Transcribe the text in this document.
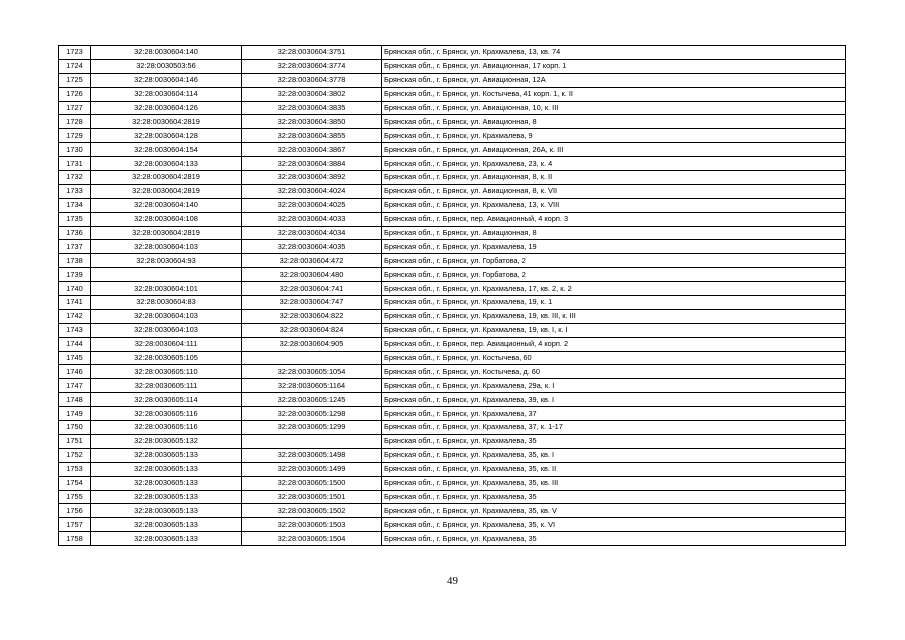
1723	32:28:0030604:140	32:28:0030604:3751	Брянская обл., г. Брянск, ул. Крахмалева, 13, кв. 74
1724	32:28:0030503:56	32:28:0030604:3774	Брянская обл., г. Брянск, ул. Авиационная, 17 корп. 1
1725	32:28:0030604:146	32:28:0030604:3778	Брянская обл., г. Брянск, ул. Авиационная, 12А
1726	32:28:0030604:114	32:28:0030604:3802	Брянская обл., г. Брянск, ул. Костычева, 41 корп. 1, к. II
1727	32:28:0030604:126	32:28:0030604:3835	Брянская обл., г. Брянск, ул. Авиационная, 10, к. III
1728	32:28:0030604:2819	32:28:0030604:3850	Брянская обл., г. Брянск, ул. Авиационная, 8
1729	32:28:0030604:128	32:28:0030604:3855	Брянская обл., г. Брянск, ул. Крахмалева, 9
1730	32:28:0030604:154	32:28:0030604:3867	Брянская обл., г. Брянск, ул. Авиационная, 26А, к. III
1731	32:28:0030604:133	32:28:0030604:3884	Брянская обл., г. Брянск, ул. Крахмалева, 23, к. 4
1732	32:28:0030604:2819	32:28:0030604:3892	Брянская обл., г. Брянск, ул. Авиационная, 8, к. II
1733	32:28:0030604:2819	32:28:0030604:4024	Брянская обл., г. Брянск, ул. Авиационная, 8, к. VII
1734	32:28:0030604:140	32:28:0030604:4025	Брянская обл., г. Брянск, ул. Крахмалева, 13, к. VIII
1735	32:28:0030604:108	32:28:0030604:4033	Брянская обл., г. Брянск, пер. Авиационный, 4 корп. 3
1736	32:28:0030604:2819	32:28:0030604:4034	Брянская обл., г. Брянск, ул. Авиационная, 8
1737	32:28:0030604:103	32:28:0030604:4035	Брянская обл., г. Брянск, ул. Крахмалева, 19
1738	32:28:0030604:93	32:28:0030604:472	Брянская обл., г. Брянск, ул. Горбатова, 2
1739		32:28:0030604:480	Брянская обл., г. Брянск, ул. Горбатова, 2
1740	32:28:0030604:101	32:28:0030604:741	Брянская обл., г. Брянск, ул. Крахмалева, 17, кв. 2, к. 2
1741	32:28:0030604:83	32:28:0030604:747	Брянская обл., г. Брянск, ул. Крахмалева, 19, к. 1
1742	32:28:0030604:103	32:28:0030604:822	Брянская обл., г. Брянск, ул. Крахмалева, 19, кв. III, к. III
1743	32:28:0030604:103	32:28:0030604:824	Брянская обл., г. Брянск, ул. Крахмалева, 19, кв. I, к. I
1744	32:28:0030604:111	32:28:0030604:905	Брянская обл., г. Брянск, пер. Авиационный, 4 корп. 2
1745	32:28:0030605:105		Брянская обл., г. Брянск, ул. Костычева, 60
1746	32:28:0030605:110	32:28:0030605:1054	Брянская обл., г. Брянск, ул. Костычева, д. 60
1747	32:28:0030605:111	32:28:0030605:1164	Брянская обл., г. Брянск, ул. Крахмалева, 29а, к. I
1748	32:28:0030605:114	32:28:0030605:1245	Брянская обл., г. Брянск, ул. Крахмалева, 39, кв. I
1749	32:28:0030605:116	32:28:0030605:1298	Брянская обл., г. Брянск, ул. Крахмалева, 37
1750	32:28:0030605:116	32:28:0030605:1299	Брянская обл., г. Брянск, ул. Крахмалева, 37, к. 1-17
1751	32:28:0030605:132		Брянская обл., г. Брянск, ул. Крахмалева, 35
1752	32:28:0030605:133	32:28:0030605:1498	Брянская обл., г. Брянск, ул. Крахмалева, 35, кв. I
1753	32:28:0030605:133	32:28:0030605:1499	Брянская обл., г. Брянск, ул. Крахмалева, 35, кв. II
1754	32:28:0030605:133	32:28:0030605:1500	Брянская обл., г. Брянск, ул. Крахмалева, 35, кв. III
1755	32:28:0030605:133	32:28:0030605:1501	Брянская обл., г. Брянск, ул. Крахмалева, 35
1756	32:28:0030605:133	32:28:0030605:1502	Брянская обл., г. Брянск, ул. Крахмалева, 35, кв. V
1757	32:28:0030605:133	32:28:0030605:1503	Брянская обл., г. Брянск, ул. Крахмалева, 35, к. VI
1758	32:28:0030605:133	32:28:0030605:1504	Брянская обл., г. Брянск, ул. Крахмалева, 35
49
